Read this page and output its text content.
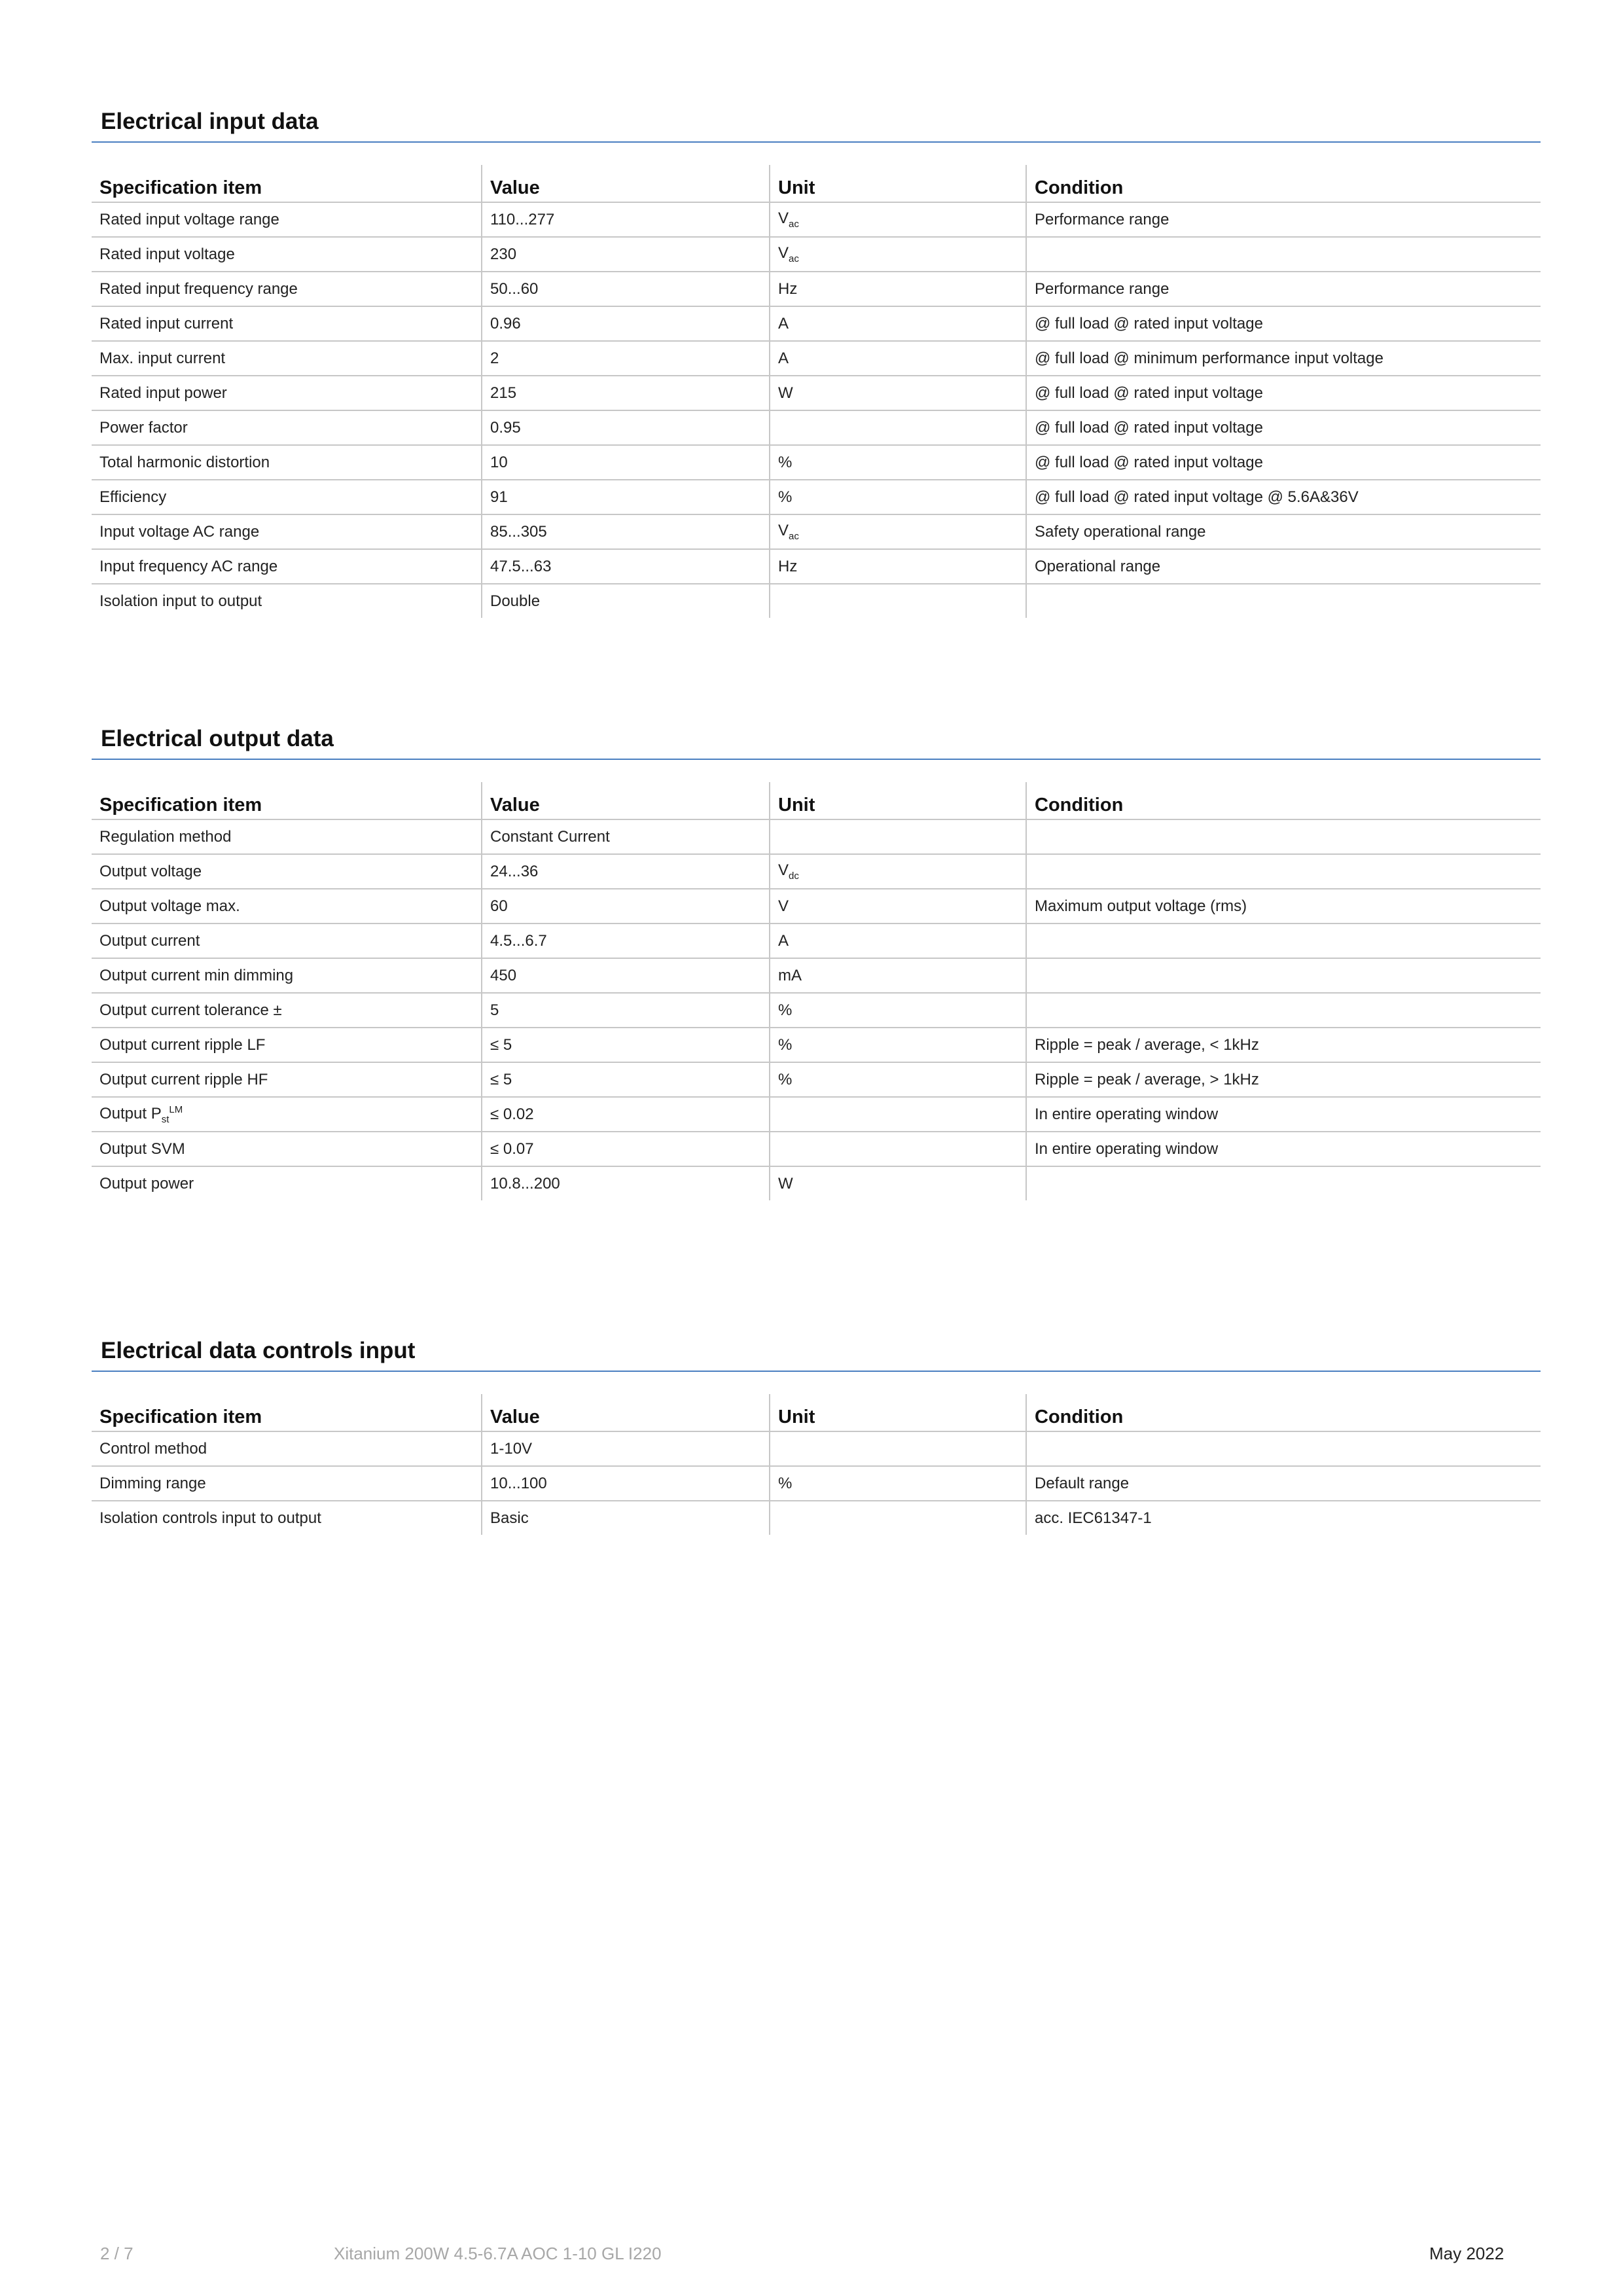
Electrical input data
Specification item	Value	Unit	Condition
Rated input voltage range	110...277	$V_{ac}$	Performance range
Rated input voltage	230	$V_{ac}$	
Rated input frequency range	50...60	Hz	Performance range
Rated input current	0.96	A	@ full load @ rated input voltage
Max. input current	2	A	@ full load @ minimum performance input voltage
Rated input power	215	W	@ full load @ rated input voltage
Power factor	0.95		@ full load @ rated input voltage
Total harmonic distortion	10	%	@ full load @ rated input voltage
Efficiency	91	%	@ full load @ rated input voltage @ 5.6A&36V
Input voltage AC range	85...305	$V_{ac}$	Safety operational range
Input frequency AC range	47.5...63	Hz	Operational range
Isolation input to output	Double		
Electrical output data
Specification item	Value	Unit	Condition
Regulation method	Constant Current		
Output voltage	24...36	$V_{dc}$	
Output voltage max.	60	V	Maximum output voltage (rms)
Output current	4.5...6.7	A	
Output current min dimming	450	mA	
Output current tolerance ±	5	%	
Output current ripple LF	≤ 5	%	Ripple = peak / average, < 1kHz
Output current ripple HF	≤ 5	%	Ripple = peak / average, > 1kHz
Output $P_{st}^{LM}$	≤ 0.02		In entire operating window
Output SVM	≤ 0.07		In entire operating window
Output power	10.8...200	W	
Electrical data controls input
Specification item	Value	Unit	Condition
Control method	1-10V		
Dimming range	10...100	%	Default range
Isolation controls input to output	Basic		acc. IEC61347-1
2 / 7	Xitanium 200W 4.5-6.7A AOC 1-10 GL I220	May 2022
